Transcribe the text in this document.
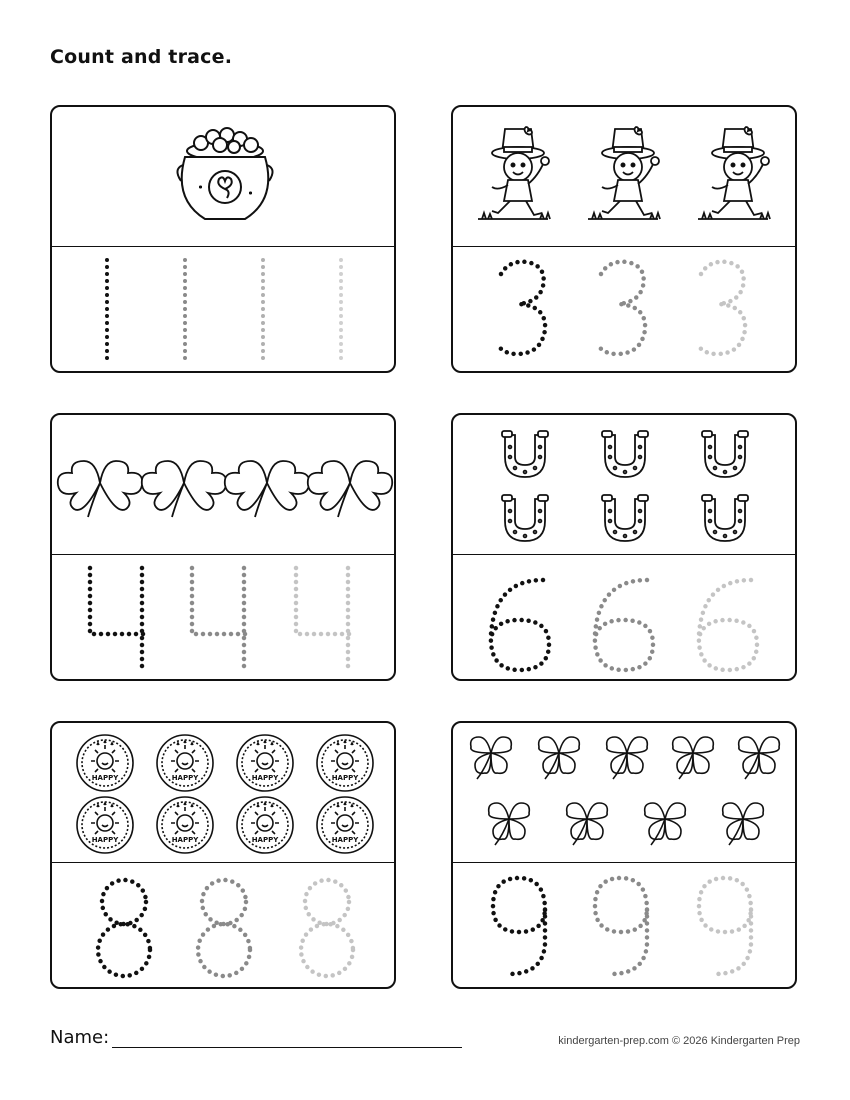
Count and trace.
HAPPY
Name:	kindergarten-prep.com © 2026 Kindergarten Prep
